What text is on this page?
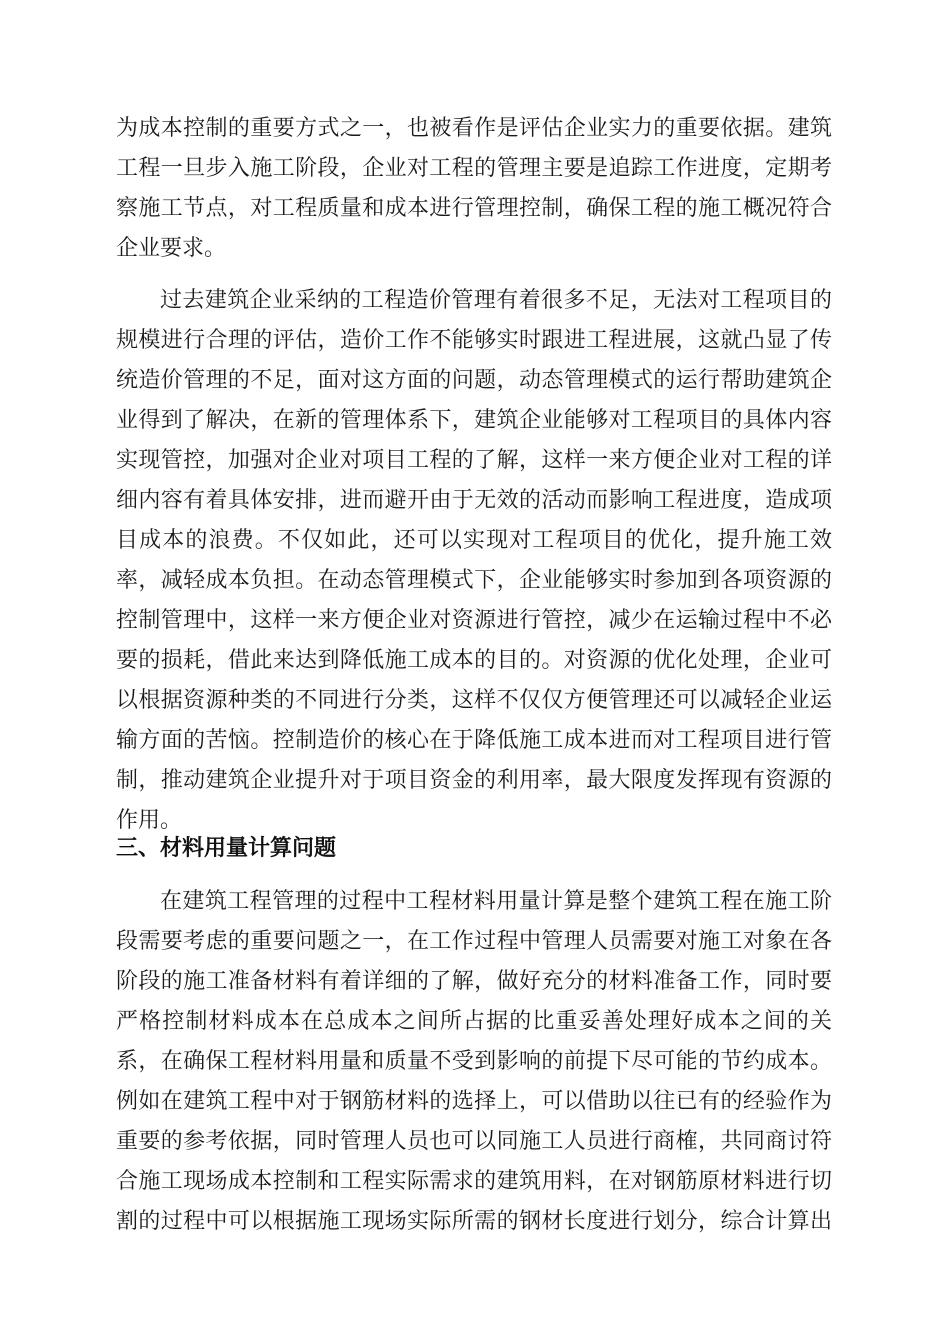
为成本控制的重要方式之一，也被看作是评估企业实力的重要依据。建筑
工程一旦步入施工阶段，企业对工程的管理主要是追踪工作进度，定期考
察施工节点，对工程质量和成本进行管理控制，确保工程的施工概况符合
企业要求。
过去建筑企业采纳的工程造价管理有着很多不足，无法对工程项目的
规模进行合理的评估，造价工作不能够实时跟进工程进展，这就凸显了传
统造价管理的不足，面对这方面的问题，动态管理模式的运行帮助建筑企
业得到了解决，在新的管理体系下，建筑企业能够对工程项目的具体内容
实现管控，加强对企业对项目工程的了解，这样一来方便企业对工程的详
细内容有着具体安排，进而避开由于无效的活动而影响工程进度，造成项
目成本的浪费。不仅如此，还可以实现对工程项目的优化，提升施工效
率，减轻成本负担。在动态管理模式下，企业能够实时参加到各项资源的
控制管理中，这样一来方便企业对资源进行管控，减少在运输过程中不必
要的损耗，借此来达到降低施工成本的目的。对资源的优化处理，企业可
以根据资源种类的不同进行分类，这样不仅仅方便管理还可以减轻企业运
输方面的苦恼。控制造价的核心在于降低施工成本进而对工程项目进行管
制，推动建筑企业提升对于项目资金的利用率，最大限度发挥现有资源的
作用。
三、材料用量计算问题
在建筑工程管理的过程中工程材料用量计算是整个建筑工程在施工阶
段需要考虑的重要问题之一，在工作过程中管理人员需要对施工对象在各
阶段的施工准备材料有着详细的了解，做好充分的材料准备工作，同时要
严格控制材料成本在总成本之间所占据的比重妥善处理好成本之间的关
系，在确保工程材料用量和质量不受到影响的前提下尽可能的节约成本。
例如在建筑工程中对于钢筋材料的选择上，可以借助以往已有的经验作为
重要的参考依据，同时管理人员也可以同施工人员进行商榷，共同商讨符
合施工现场成本控制和工程实际需求的建筑用料，在对钢筋原材料进行切
割的过程中可以根据施工现场实际所需的钢材长度进行划分，综合计算出
